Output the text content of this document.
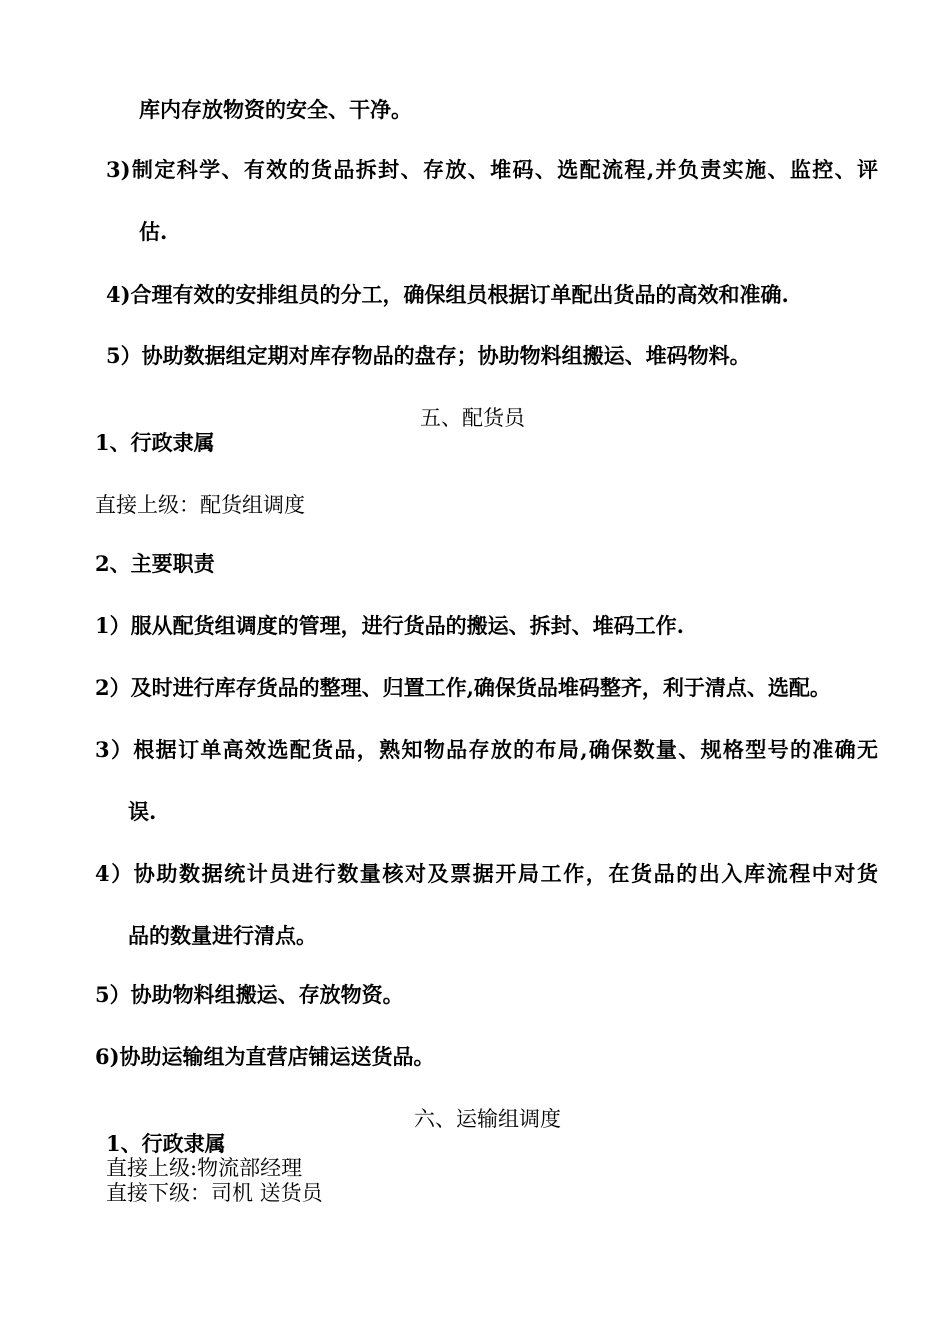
库内存放物资的安全、干净。
3)制定科学、有效的货品拆封、存放、堆码、选配流程,并负责实施、监控、评
估.
4)合理有效的安排组员的分工，确保组员根据订单配出货品的高效和准确.
5）协助数据组定期对库存物品的盘存；协助物料组搬运、堆码物料。
五、配货员
1、行政隶属
直接上级：配货组调度
2、主要职责
1）服从配货组调度的管理，进行货品的搬运、拆封、堆码工作.
2）及时进行库存货品的整理、归置工作,确保货品堆码整齐，利于清点、选配。
3）根据订单高效选配货品，熟知物品存放的布局,确保数量、规格型号的准确无
误.
4）协助数据统计员进行数量核对及票据开局工作，在货品的出入库流程中对货
品的数量进行清点。
5）协助物料组搬运、存放物资。
6)协助运输组为直营店铺运送货品。
六、运输组调度
1、行政隶属
直接上级:物流部经理
直接下级：司机 送货员
